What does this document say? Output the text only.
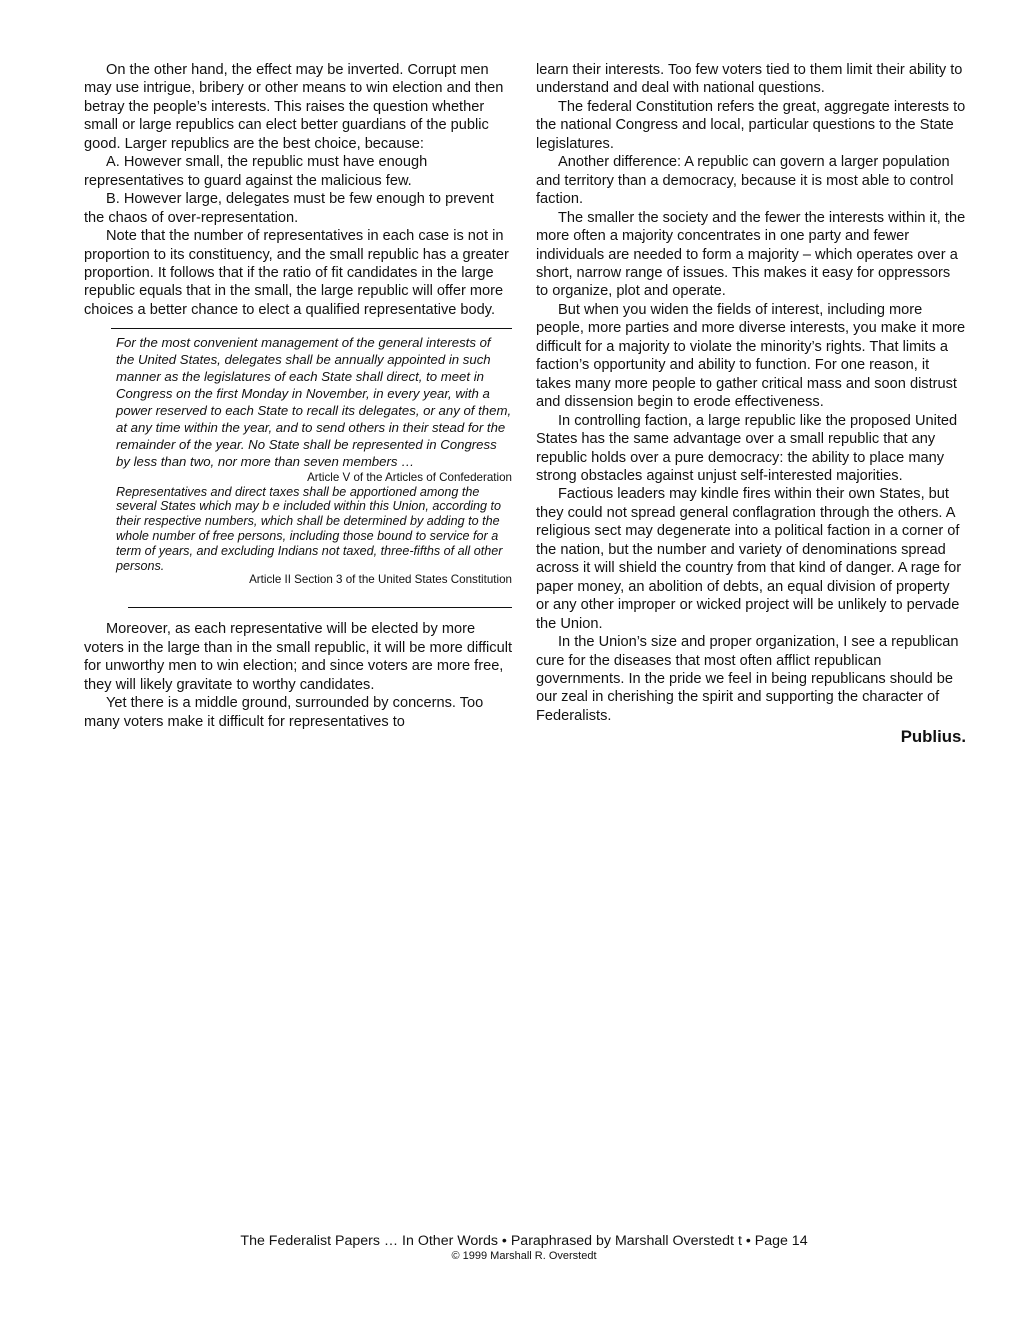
On the other hand, the effect may be inverted. Corrupt men may use intrigue, bribery or other means to win election and then betray the people’s interests. This raises the question whether small or large republics can elect better guardians of the public good. Larger republics are the best choice, because:

A. However small, the republic must have enough representatives to guard against the malicious few.

B. However large, delegates must be few enough to prevent the chaos of over-representation.

Note that the number of representatives in each case is not in proportion to its constituency, and the small republic has a greater proportion. It follows that if the ratio of fit candidates in the large republic equals that in the small, the large republic will offer more choices a better chance to elect a qualified representative body.

For the most convenient management of the general interests of the United States, delegates shall be annually appointed in such manner as the legislatures of each State shall direct, to meet in Congress on the first Monday in November, in every year, with a power reserved to each State to recall its delegates, or any of them, at any time within the year, and to send others in their stead for the remainder of the year. No State shall be represented in Congress by less than two, nor more than seven members …

Article V of the Articles of Confederation

Representatives and direct taxes shall be apportioned among the several States which may b e included within this Union, according to their respective numbers, which shall be determined by adding to the whole number of free persons, including those bound to service for a term of years, and excluding Indians not taxed, three-fifths of all other persons.

Article II Section 3 of the United States Constitution

Moreover, as each representative will be elected by more voters in the large than in the small republic, it will be more difficult for unworthy men to win election; and since voters are more free, they will likely gravitate to worthy candidates.

Yet there is a middle ground, surrounded by concerns. Too many voters make it difficult for representatives to

learn their interests. Too few voters tied to them limit their ability to understand and deal with national questions.

The federal Constitution refers the great, aggregate interests to the national Congress and local, particular questions to the State legislatures.

Another difference: A republic can govern a larger population and territory than a democracy, because it is most able to control faction.

The smaller the society and the fewer the interests within it, the more often a majority concentrates in one party and fewer individuals are needed to form a majority – which operates over a short, narrow range of issues. This makes it easy for oppressors to organize, plot and operate.

But when you widen the fields of interest, including more people, more parties and more diverse interests, you make it more difficult for a majority to violate the minority’s rights. That limits a faction’s opportunity and ability to function. For one reason, it takes many more people to gather critical mass and soon distrust and dissension begin to erode effectiveness.

In controlling faction, a large republic like the proposed United States has the same advantage over a small republic that any republic holds over a pure democracy: the ability to place many strong obstacles against unjust self-interested majorities.

Factious leaders may kindle fires within their own States, but they could not spread general conflagration through the others. A religious sect may degenerate into a political faction in a corner of the nation, but the number and variety of denominations spread across it will shield the country from that kind of danger. A rage for paper money, an abolition of debts, an equal division of property or any other improper or wicked project will be unlikely to pervade the Union.

In the Union’s size and proper organization, I see a republican cure for the diseases that most often afflict republican governments. In the pride we feel in being republicans should be our zeal in cherishing the spirit and supporting the character of Federalists.

Publius.
The Federalist Papers … In Other Words • Paraphrased by Marshall Overstedt t • Page 14
© 1999 Marshall R. Overstedt
